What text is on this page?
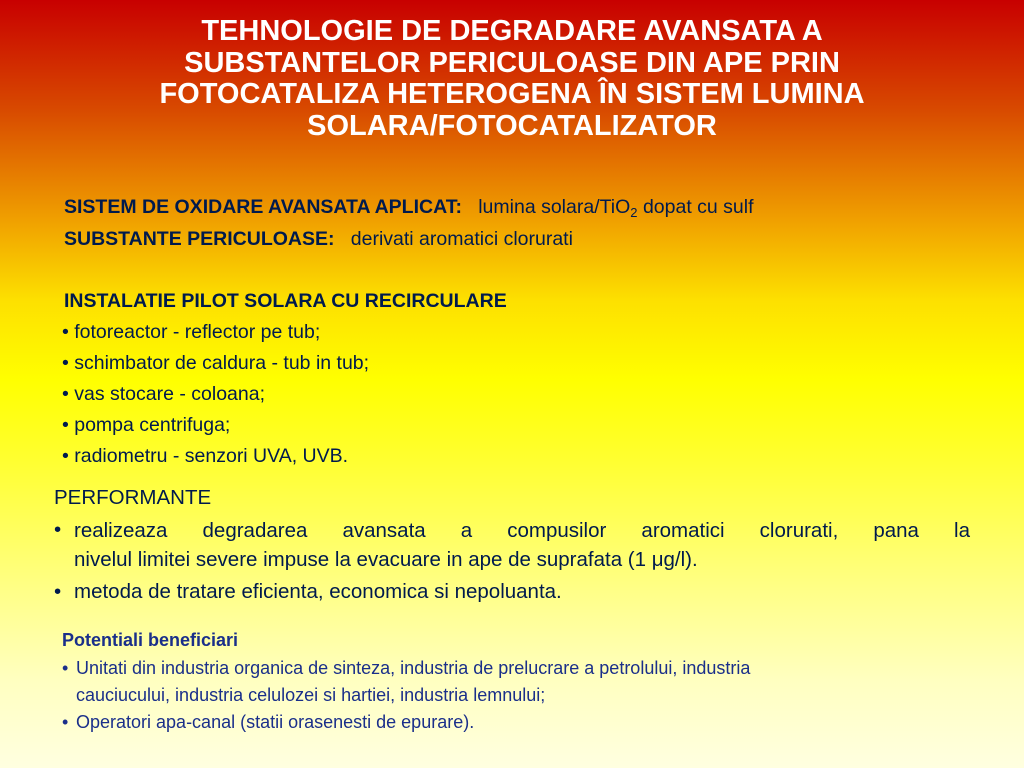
TEHNOLOGIE DE DEGRADARE AVANSATA A
SUBSTANTELOR PERICULOASE DIN APE PRIN
FOTOCATALIZA HETEROGENA ÎN SISTEM LUMINA
SOLARA/FOTOCATALIZATOR
SISTEM DE OXIDARE AVANSATA APLICAT: lumina solara/TiO$_2$ dopat cu sulf
SUBSTANTE PERICULOASE: derivati aromatici clorurati
INSTALATIE PILOT SOLARA CU RECIRCULARE
• fotoreactor - reflector pe tub;
• schimbator de caldura - tub in tub;
• vas stocare - coloana;
• pompa centrifuga;
• radiometru - senzori UVA, UVB.
PERFORMANTE
• realizeaza degradarea avansata a compusilor aromatici clorurati, pana la
nivelul limitei severe impuse la evacuare in ape de suprafata (1 μg/l).
• metoda de tratare eficienta, economica si nepoluanta.
Potentiali beneficiari
• Unitati din industria organica de sinteza, industria de prelucrare a petrolului, industria
cauciucului, industria celulozei si hartiei, industria lemnului;
• Operatori apa-canal (statii orasenesti de epurare).
